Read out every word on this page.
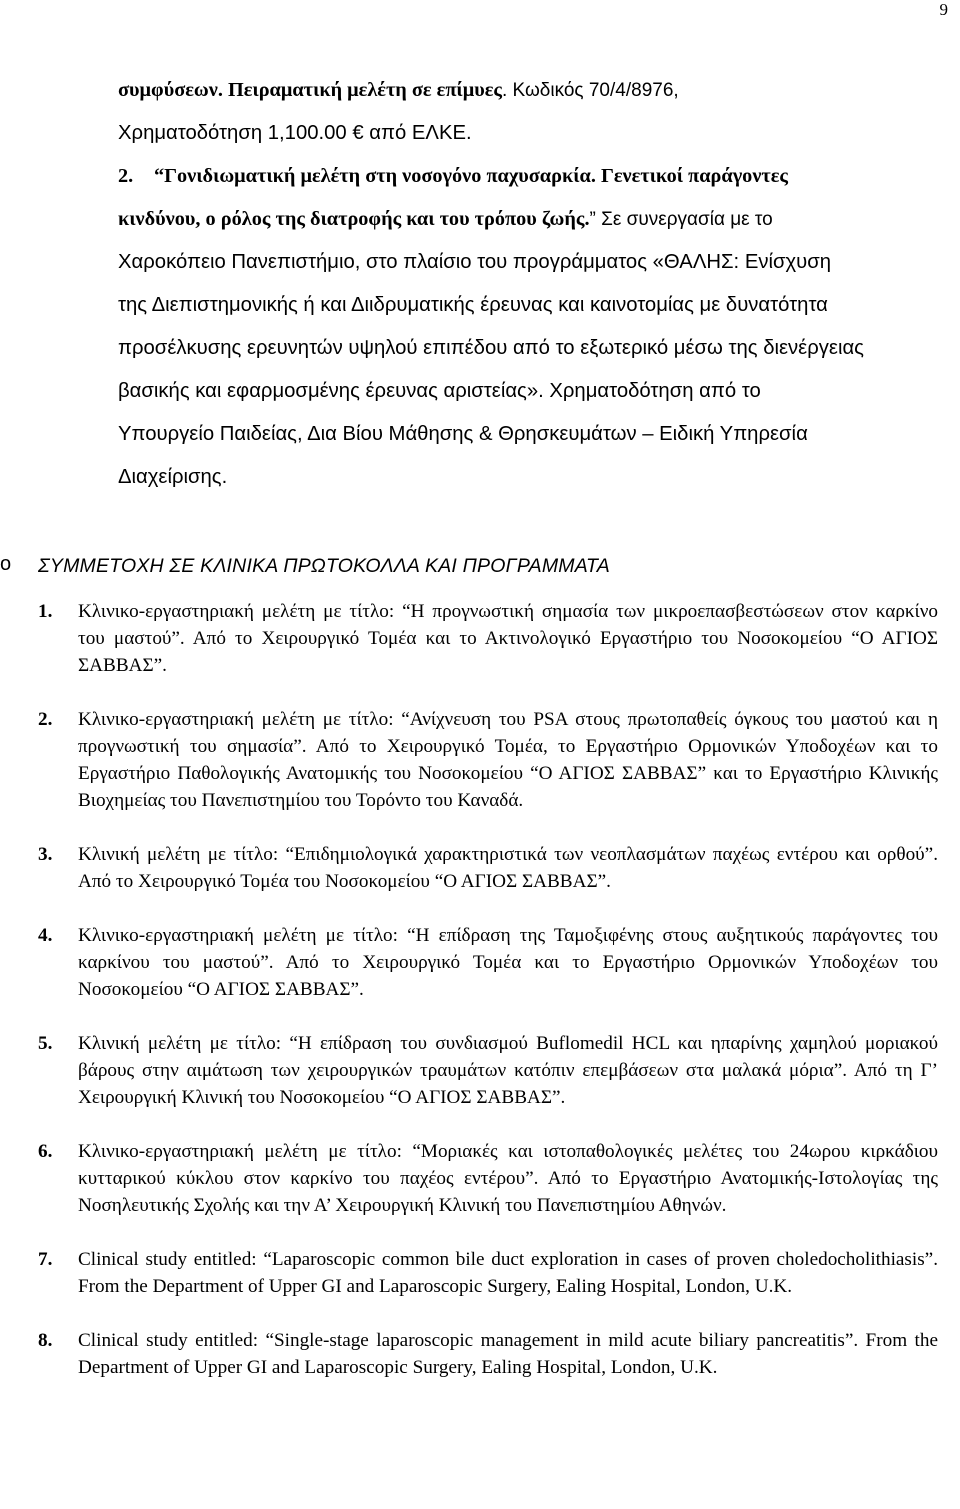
9
συμφύσεων. Πειραματική μελέτη σε επίμυες. Κωδικός 70/4/8976,
Χρηματοδότηση 1,100.00 € από ΕΛΚΕ.
2. “Γονιδιωματική μελέτη στη νοσογόνο παχυσαρκία. Γενετικοί παράγοντες
κινδύνου, ο ρόλος της διατροφής και του τρόπου ζωής.” Σε συνεργασία με το
Χαροκόπειο Πανεπιστήμιο, στο πλαίσιο του προγράμματος «ΘΑΛΗΣ: Ενίσχυση
της Διεπιστημονικής ή και Διιδρυματικής έρευνας και καινοτομίας με δυνατότητα
προσέλκυσης ερευνητών υψηλού επιπέδου από το εξωτερικό μέσω της διενέργειας
βασικής και εφαρμοσμένης έρευνας αριστείας». Χρηματοδότηση από το
Υπουργείο Παιδείας, Δια Βίου Μάθησης & Θρησκευμάτων – Ειδική Υπηρεσία
Διαχείρισης.
o ΣΥΜΜΕΤΟΧΗ ΣΕ ΚΛΙΝΙΚΑ ΠΡΩΤΟΚΟΛΛΑ ΚΑΙ ΠΡΟΓΡΑΜΜΑΤΑ
1. Κλινικο-εργαστηριακή μελέτη με τίτλο: “Η προγνωστική σημασία των μικροεπασβεστώσεων στον καρκίνο του μαστού”. Από το Χειρουργικό Τομέα και το Ακτινολογικό Εργαστήριο του Νοσοκομείου “Ο ΑΓΙΟΣ ΣΑΒΒΑΣ”.

2. Κλινικο-εργαστηριακή μελέτη με τίτλο: “Ανίχνευση του PSA στους πρωτοπαθείς όγκους του μαστού και η προγνωστική του σημασία”. Από το Χειρουργικό Τομέα, το Εργαστήριο Ορμονικών Υποδοχέων και το Εργαστήριο Παθολογικής Ανατομικής του Νοσοκομείου “Ο ΑΓΙΟΣ ΣΑΒΒΑΣ” και το Εργαστήριο Κλινικής Βιοχημείας του Πανεπιστημίου του Τορόντο του Καναδά.

3. Κλινική μελέτη με τίτλο: “Επιδημιολογικά χαρακτηριστικά των νεοπλασμάτων παχέως εντέρου και ορθού”. Από το Χειρουργικό Τομέα του Νοσοκομείου “Ο ΑΓΙΟΣ ΣΑΒΒΑΣ”.

4. Κλινικο-εργαστηριακή μελέτη με τίτλο: “Η επίδραση της Ταμοξιφένης στους αυξητικούς παράγοντες του καρκίνου του μαστού”. Από το Χειρουργικό Τομέα και το Εργαστήριο Ορμονικών Υποδοχέων του Νοσοκομείου “Ο ΑΓΙΟΣ ΣΑΒΒΑΣ”.

5. Κλινική μελέτη με τίτλο: “Η επίδραση του συνδιασμού Buflomedil HCL και ηπαρίνης χαμηλού μοριακού βάρους στην αιμάτωση των χειρουργικών τραυμάτων κατόπιν επεμβάσεων στα μαλακά μόρια”. Από τη Γ’ Χειρουργική Κλινική του Νοσοκομείου “Ο ΑΓΙΟΣ ΣΑΒΒΑΣ”.

6. Κλινικο-εργαστηριακή μελέτη με τίτλο: “Μοριακές και ιστοπαθολογικές μελέτες του 24ωρου κιρκάδιου κυτταρικού κύκλου στον καρκίνο του παχέος εντέρου”. Από το Εργαστήριο Ανατομικής-Ιστολογίας της Νοσηλευτικής Σχολής και την Α’ Χειρουργική Κλινική του Πανεπιστημίου Αθηνών.

7. Clinical study entitled: “Laparoscopic common bile duct exploration in cases of proven choledocholithiasis”. From the Department of Upper GI and Laparoscopic Surgery, Ealing Hospital, London, U.K.

8. Clinical study entitled: “Single-stage laparoscopic management in mild acute biliary pancreatitis”. From the Department of Upper GI and Laparoscopic Surgery, Ealing Hospital, London, U.K.
